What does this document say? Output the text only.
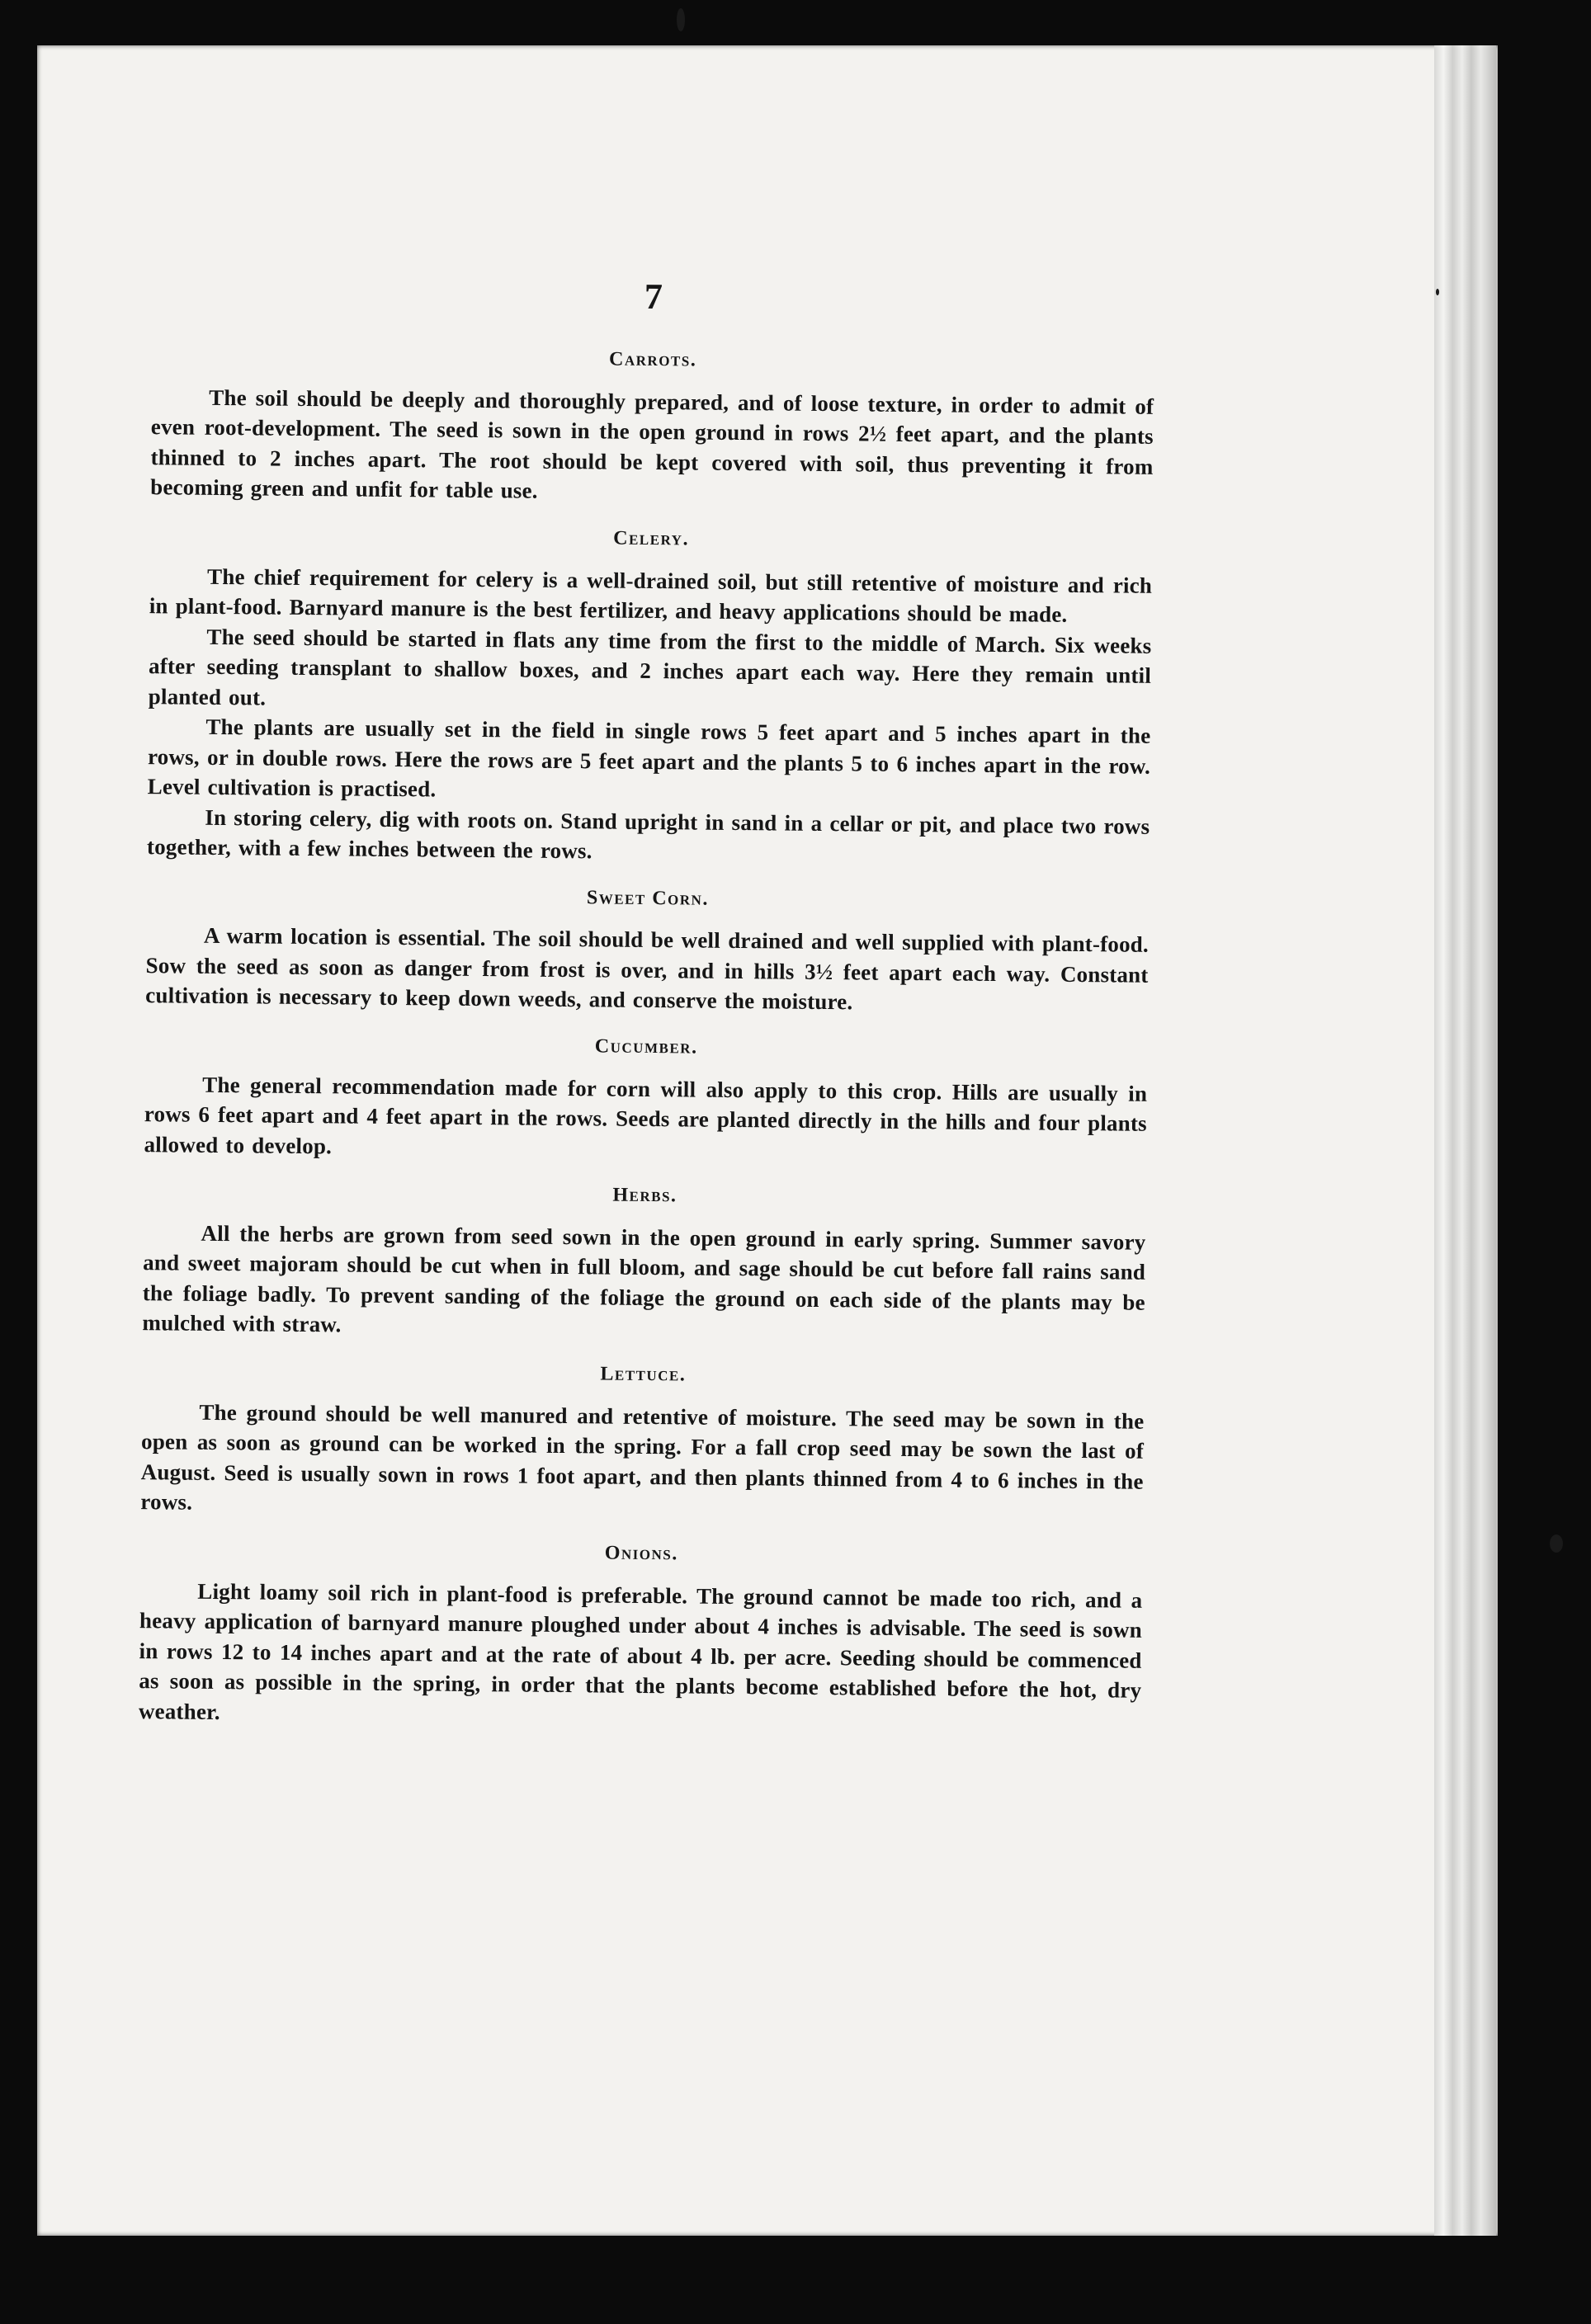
7
Carrots.

The soil should be deeply and thoroughly prepared, and of loose texture, in order to admit of even root-development. The seed is sown in the open ground in rows 2½ feet apart, and the plants thinned to 2 inches apart. The root should be kept covered with soil, thus preventing it from becoming green and unfit for table use.

Celery.

The chief requirement for celery is a well-drained soil, but still retentive of moisture and rich in plant-food. Barnyard manure is the best fertilizer, and heavy applications should be made.

The seed should be started in flats any time from the first to the middle of March. Six weeks after seeding transplant to shallow boxes, and 2 inches apart each way. Here they remain until planted out.

The plants are usually set in the field in single rows 5 feet apart and 5 inches apart in the rows, or in double rows. Here the rows are 5 feet apart and the plants 5 to 6 inches apart in the row. Level cultivation is practised.

In storing celery, dig with roots on. Stand upright in sand in a cellar or pit, and place two rows together, with a few inches between the rows.

Sweet Corn.

A warm location is essential. The soil should be well drained and well supplied with plant-food. Sow the seed as soon as danger from frost is over, and in hills 3½ feet apart each way. Constant cultivation is necessary to keep down weeds, and conserve the moisture.

Cucumber.

The general recommendation made for corn will also apply to this crop. Hills are usually in rows 6 feet apart and 4 feet apart in the rows. Seeds are planted directly in the hills and four plants allowed to develop.

Herbs.

All the herbs are grown from seed sown in the open ground in early spring. Summer savory and sweet majoram should be cut when in full bloom, and sage should be cut before fall rains sand the foliage badly. To prevent sanding of the foliage the ground on each side of the plants may be mulched with straw.

Lettuce.

The ground should be well manured and retentive of moisture. The seed may be sown in the open as soon as ground can be worked in the spring. For a fall crop seed may be sown the last of August. Seed is usually sown in rows 1 foot apart, and then plants thinned from 4 to 6 inches in the rows.

Onions.

Light loamy soil rich in plant-food is preferable. The ground cannot be made too rich, and a heavy application of barnyard manure ploughed under about 4 inches is advisable. The seed is sown in rows 12 to 14 inches apart and at the rate of about 4 lb. per acre. Seeding should be commenced as soon as possible in the spring, in order that the plants become established before the hot, dry weather.
